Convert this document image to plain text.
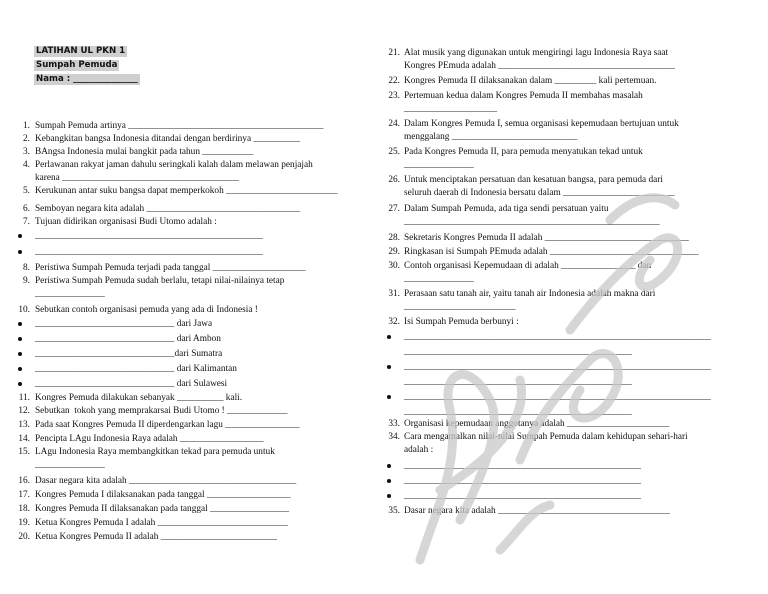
LATIHAN UL PKN 1
Sumpah Pemuda
Nama : _______________
1. Sumpah Pemuda artinya __________________________________________
2. Kebangkitan bangsa Indonesia ditandai dengan berdirinya __________
3. BAngsa Indonesia mulai bangkit pada tahun ___________
4. Perlawanan rakyat jaman dahulu seringkali kalah dalam melawan penjajah
karena ______________________________________
5. Kerukunan antar suku bangsa dapat memperkokoh ________________________
6. Semboyan negara kita adalah _________________________________
7. Tujuan didirikan organisasi Budi Utomo adalah :
_________________________________________________
_________________________________________________
8. Peristiwa Sumpah Pemuda terjadi pada tanggal ____________________
9. Peristiwa Sumpah Pemuda sudah berlalu, tetapi nilai-nilainya tetap
_______________
10. Sebutkan contoh organisasi pemuda yang ada di Indonesia !
______________________________ dari Jawa
______________________________ dari Ambon
______________________________dari Sumatra
______________________________ dari Kalimantan
______________________________ dari Sulawesi
11. Kongres Pemuda dilakukan sebanyak __________ kali.
12. Sebutkan  tokoh yang memprakarsai Budi Utomo ! _____________
13. Pada saat Kongres Pemuda II diperdengarkan lagu ________________
14. Pencipta LAgu Indonesia Raya adalah __________________
15. LAgu Indonesia Raya membangkitkan tekad para pemuda untuk
_______________
16. Dasar negara kita adalah ____________________________________
17. Kongres Pemuda I dilaksanakan pada tanggal __________________
18. Kongres Pemuda II dilaksanakan pada tanggal _________________
19. Ketua Kongres Pemuda I adalah ____________________________
20. Ketua Kongres Pemuda II adalah _________________________
21. Alat musik yang digunakan untuk mengiringi lagu Indonesia Raya saat
Kongres PEmuda adalah ______________________________________
22. Kongres Pemuda II dilaksanakan dalam _________ kali pertemuan.
23. Pertemuan kedua dalam Kongres Pemuda II membahas masalah
____________________
24. Dalam Kongres Pemuda I, semua organisasi kepemudaan bertujuan untuk
menggalang ___________________________
25. Pada Kongres Pemuda II, para pemuda menyatukan tekad untuk
_______________
26. Untuk menciptakan persatuan dan kesatuan bangsa, para pemuda dari
seluruh daerah di Indonesia bersatu dalam ________________________
27. Dalam Sumpah Pemuda, ada tiga sendi persatuan yaitu
_______________________________________________________
28. Sekretaris Kongres Pemuda II adalah _______________________________
29. Ringkasan isi Sumpah PEmuda adalah ________________________________
30. Contoh organisasi Kepemudaan di adalah ________________ dan
_______________
31. Perasaan satu tanah air, yaitu tanah air Indonesia adalah makna dari
________________________
32. Isi Sumpah Pemuda berbunyi :
__________________________________________________________________
_________________________________________________
__________________________________________________________________
_________________________________________________
__________________________________________________________________
_________________________________________________
33. Organisasi kepemudaan anggotanya adalah ______________________
34. Cara mengamalkan nilai-nilai Sumpah Pemuda dalam kehidupan sehari-hari
adalah :
___________________________________________________
___________________________________________________
___________________________________________________
35. Dasar negara kita adalah _____________________________________
